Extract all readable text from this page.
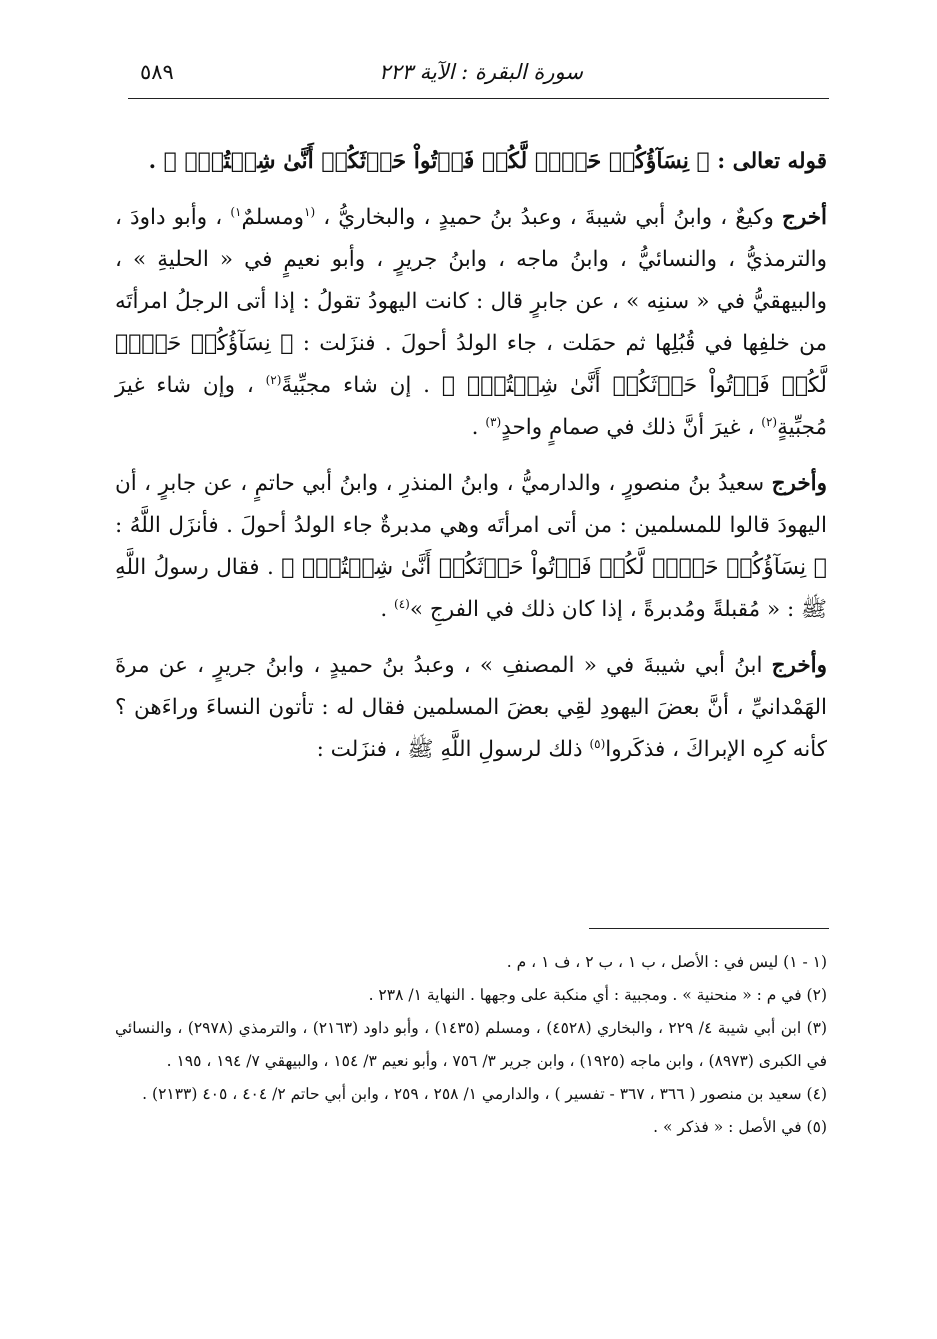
سورة البقرة : الآية ٢٢٣
٥٨٩

قوله تعالى : ﴿ نِسَآؤُكُمۡ حَرۡثٞ لَّكُمۡ فَأۡتُواْ حَرۡثَكُمۡ أَنَّىٰ شِئۡتُمۡۖ ﴾ .

أخرج وكيعٌ ، وابنُ أبي شيبةَ ، وعبدُ بنُ حميدٍ ، والبخاريُّ ، $^{(١}$ومسلمٌ$^{١)}$ ، وأبو داودَ ، والترمذيُّ ، والنسائيُّ ، وابنُ ماجه ، وابنُ جريرٍ ، وأبو نعيمٍ في « الحليةِ » ، والبيهقيُّ في « سننِه » ، عن جابرٍ قال : كانت اليهودُ تقولُ : إذا أتى الرجلُ امرأتَه من خلفِها في قُبُلِها ثم حمَلت ، جاء الولدُ أحولَ . فنزَلت : ﴿ نِسَآؤُكُمۡ حَرۡثٞ لَّكُمۡ فَأۡتُواْ حَرۡثَكُمۡ أَنَّىٰ شِئۡتُمۡۖ ﴾ . إن شاء مجبِّيةً$^{(٢)}$ ، وإن شاء غيرَ مُجبِّيةٍ$^{(٢)}$ ، غيرَ أنَّ ذلك في صمامٍ واحدٍ$^{(٣)}$ .

وأخرج سعيدُ بنُ منصورٍ ، والدارميُّ ، وابنُ المنذرِ ، وابنُ أبي حاتمٍ ، عن جابرٍ ، أن اليهودَ قالوا للمسلمين : من أتى امرأتَه وهي مدبرةٌ جاء الولدُ أحولَ . فأنزَل اللَّهُ : ﴿ نِسَآؤُكُمۡ حَرۡثٞ لَّكُمۡ فَأۡتُواْ حَرۡثَكُمۡ أَنَّىٰ شِئۡتُمۡۖ ﴾ . فقال رسولُ اللَّهِ ﷺ : « مُقبلةً ومُدبرةً ، إذا كان ذلك في الفرجِ »$^{(٤)}$ .

وأخرج ابنُ أبي شيبةَ في « المصنفِ » ، وعبدُ بنُ حميدٍ ، وابنُ جريرٍ ، عن مرةَ الهَمْدانيِّ ، أنَّ بعضَ اليهودِ لقِي بعضَ المسلمين فقال له : تأتون النساءَ وراءَهن ؟ كأنه كرِه الإبراكَ ، فذكَروا$^{(٥)}$ ذلك لرسولِ اللَّهِ ﷺ ، فنزَلت :

(١ - ١) ليس في : الأصل ، ب ١ ، ب ٢ ، ف ١ ، م .

(٢) في م : « منحنية » . ومجبية : أي منكبة على وجهها . النهاية ١/ ٢٣٨ .

(٣) ابن أبي شيبة ٤/ ٢٢٩ ، والبخاري (٤٥٢٨) ، ومسلم (١٤٣٥) ، وأبو داود (٢١٦٣) ، والترمذي (٢٩٧٨) ، والنسائي في الكبرى (٨٩٧٣) ، وابن ماجه (١٩٢٥) ، وابن جرير ٣/ ٧٥٦ ، وأبو نعيم ٣/ ١٥٤ ، والبيهقي ٧/ ١٩٤ ، ١٩٥ .

(٤) سعيد بن منصور ( ٣٦٦ ، ٣٦٧ - تفسير ) ، والدارمي ١/ ٢٥٨ ، ٢٥٩ ، وابن أبي حاتم ٢/ ٤٠٤ ، ٤٠٥ (٢١٣٣) .

(٥) في الأصل : « فذكر » .
